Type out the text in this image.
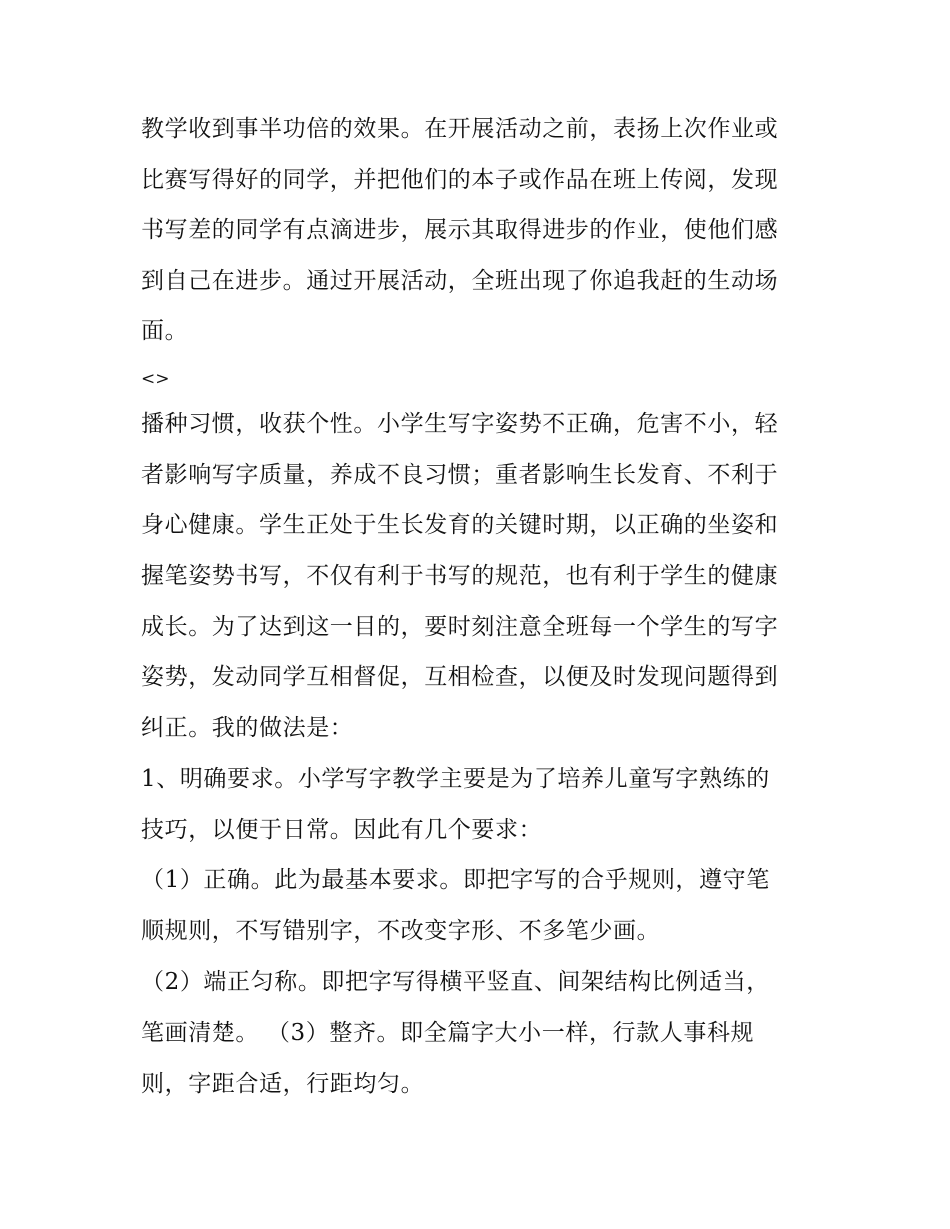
教学收到事半功倍的效果。在开展活动之前，表扬上次作业或
比赛写得好的同学，并把他们的本子或作品在班上传阅，发现
书写差的同学有点滴进步，展示其取得进步的作业，使他们感
到自己在进步。通过开展活动，全班出现了你追我赶的生动场
面。
<>
播种习惯，收获个性。小学生写字姿势不正确，危害不小，轻
者影响写字质量，养成不良习惯；重者影响生长发育、不利于
身心健康。学生正处于生长发育的关键时期，以正确的坐姿和
握笔姿势书写，不仅有利于书写的规范，也有利于学生的健康
成长。为了达到这一目的，要时刻注意全班每一个学生的写字
姿势，发动同学互相督促，互相检查，以便及时发现问题得到
纠正。我的做法是：
1、明确要求。小学写字教学主要是为了培养儿童写字熟练的
技巧，以便于日常。因此有几个要求：
（1）正确。此为最基本要求。即把字写的合乎规则，遵守笔
顺规则，不写错别字，不改变字形、不多笔少画。
（2）端正匀称。即把字写得横平竖直、间架结构比例适当，
笔画清楚。 （3）整齐。即全篇字大小一样，行款人事科规
则，字距合适，行距均匀。
